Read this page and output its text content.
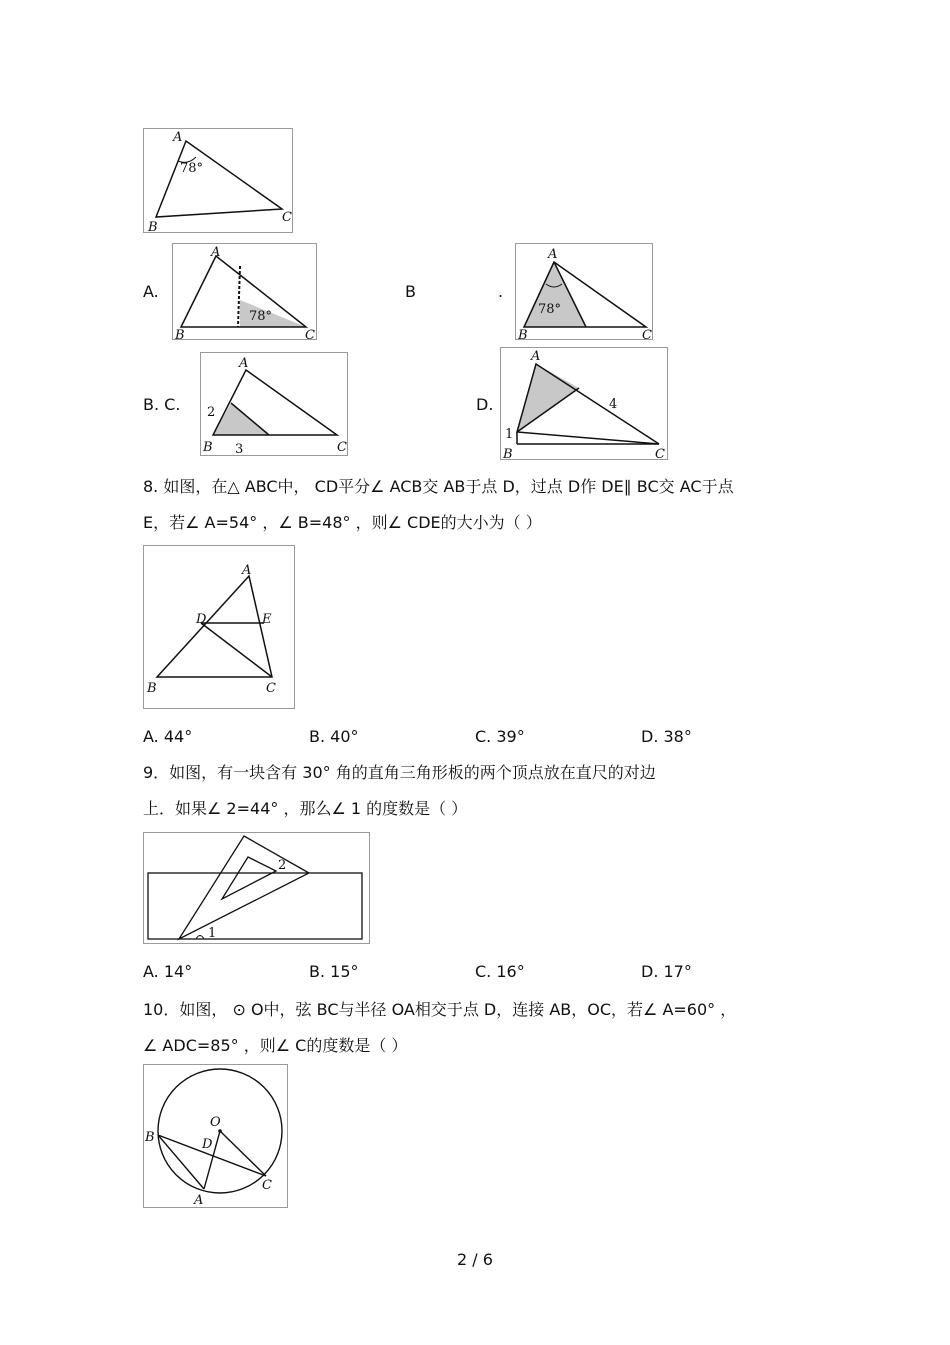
A
B
C
78°
A.
A
B	C
78°
B	.
A
B	C
78°
B. C.
A
B	C
2
3
D.
A
B	C
1
4
8. 如图，在△ ABC中， CD平分∠ ACB交 AB于点 D，过点 D作 DE∥ BC交 AC于点
E，若∠ A=54° ，∠ B=48° ，则∠ CDE的大小为（ ）
A
B	C
D	E
A. 44°	B. 40°	C. 39°	D. 38°
9．如图，有一块含有 30° 角的直角三角形板的两个顶点放在直尺的对边
上．如果∠ 2=44° ，那么∠ 1 的度数是（ ）
1
2
A. 14°	B. 15°	C. 16°	D. 17°
10．如图， ⊙ O中，弦 BC与半径 OA相交于点 D，连接 AB，OC，若∠ A=60° ，
∠ ADC=85° ，则∠ C的度数是（ ）
O
B	D
A
C
2 / 6
